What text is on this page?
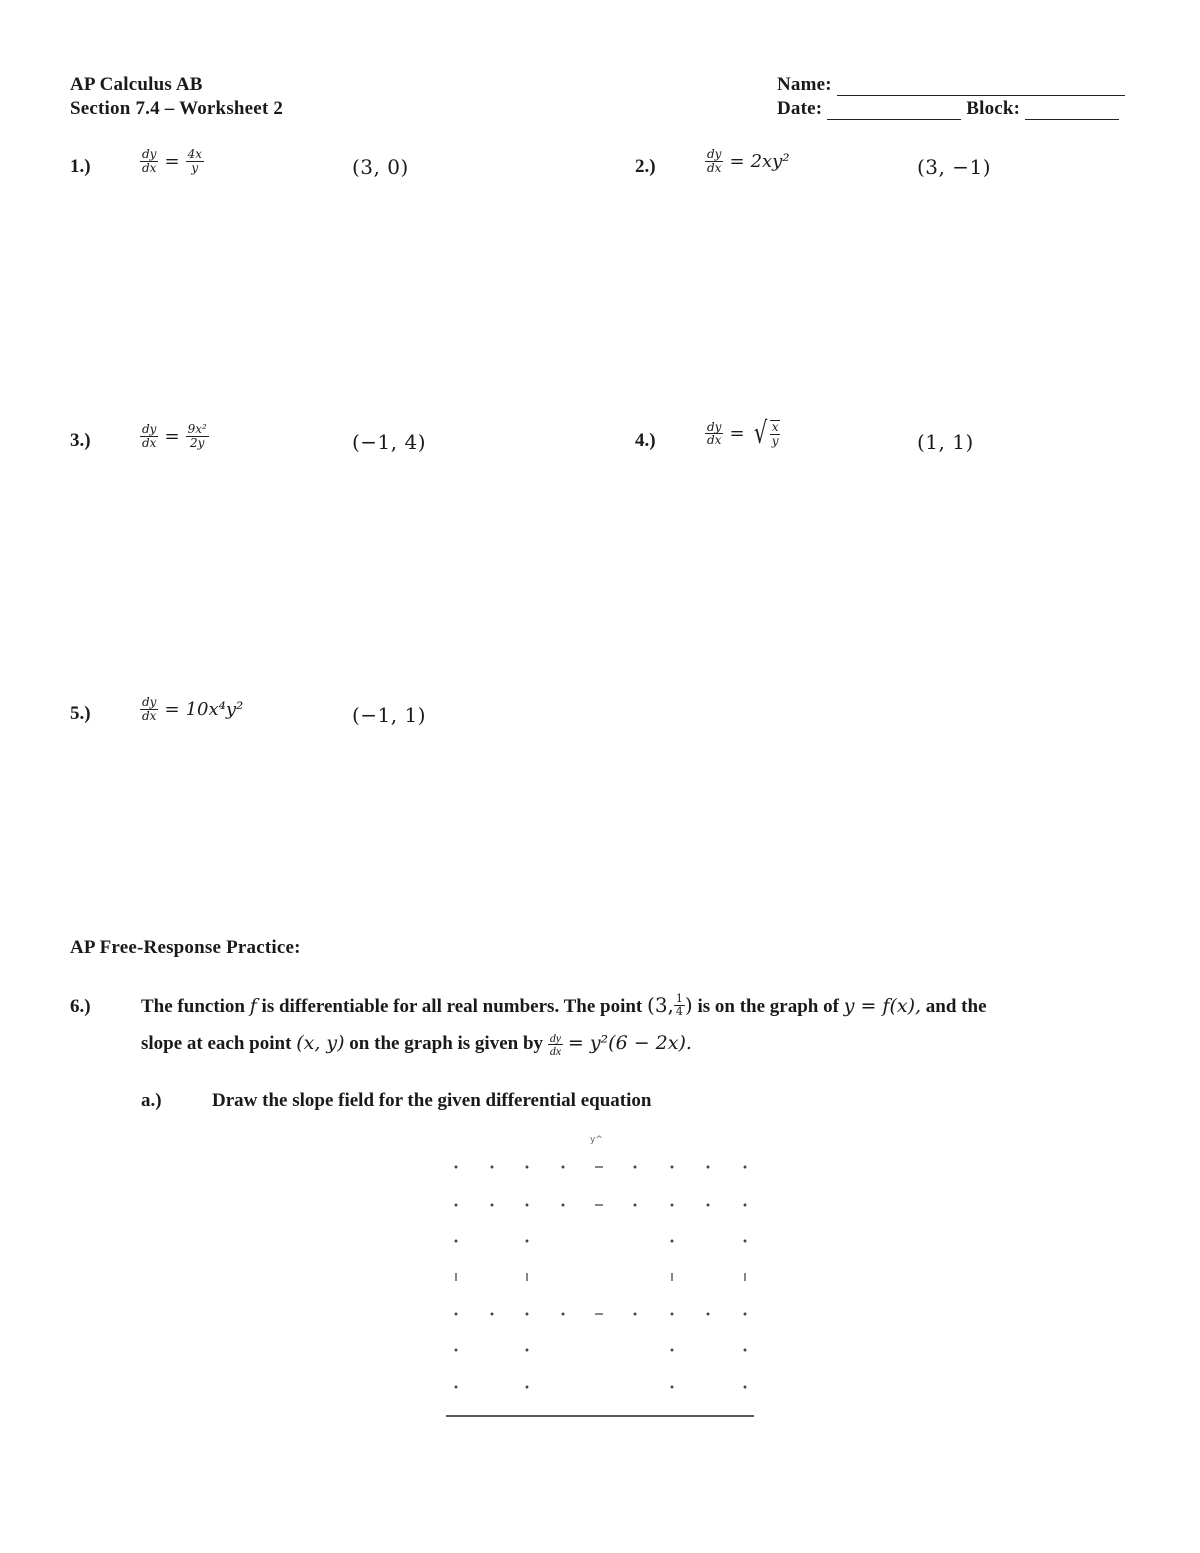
AP Calculus AB
Section 7.4 – Worksheet 2
Name:
Date:	Block:
1.)	$\frac{dy}{dx} = \frac{4x}{y}$	(3, 0)	2.)	$\frac{dy}{dx} = 2xy^2$	(3, −1)
3.)	$\frac{dy}{dx} = \frac{\text{9x²}}{2y}$	(−1, 4)	4.)	$\frac{dy}{dx}$ = √ $\frac{x}{y}$	(1, 1)
5.)	$\frac{dy}{dx} = 10x^4y^2$	(−1, 1)
AP Free-Response Practice:
6.)	The function f is differentiable for all real numbers. The point (3, $\frac{1}{4}$ ) is on the graph of y = f(x), and the
slope at each point (x, y) on the graph is given by $\frac{dy}{dx} = y^2(6 - 2x)$.
a.)	Draw the slope field for the given differential equation
y^
